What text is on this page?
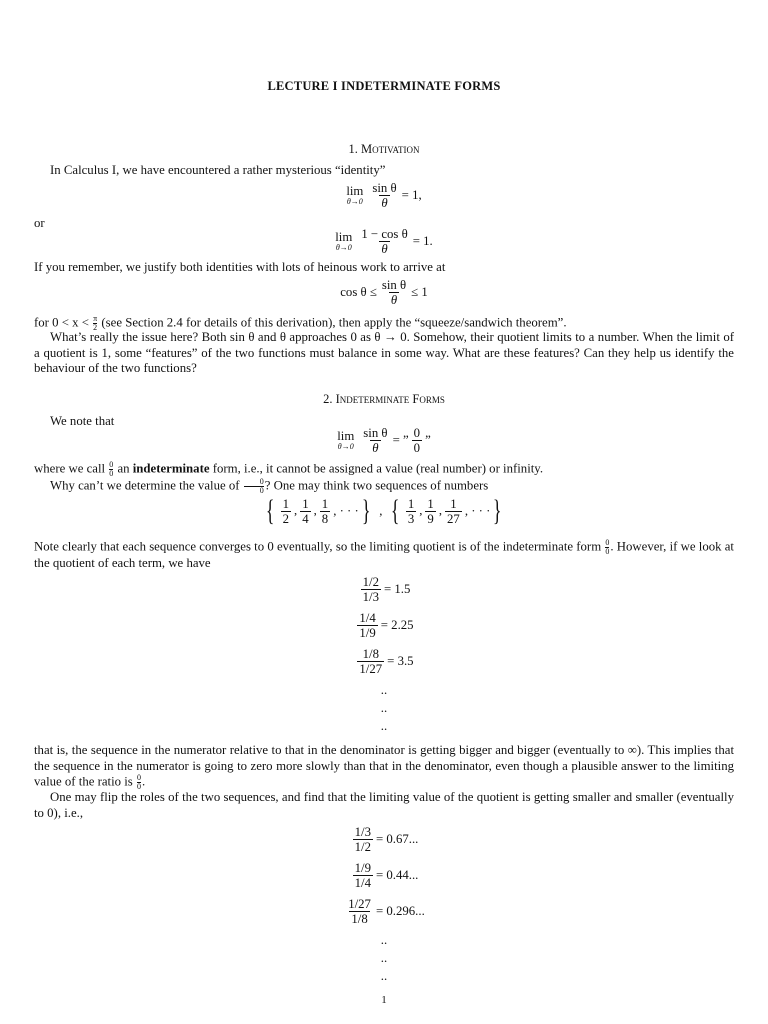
LECTURE I INDETERMINATE FORMS
1. Motivation
In Calculus I, we have encountered a rather mysterious “identity”
lim
$\theta\to 0 \frac{\text{sin θ}}{\theta} = 1$,
or
lim
$\theta\to 0 \frac{\text{1 − cos θ}}{\theta} = 1$.
If you remember, we justify both identities with lots of heinous work to arrive at
$\cos \theta \le \frac{\text{sin θ}}{\theta} \le 1$
for $0 < x < \frac{\pi}{2} (see$ Section 2.4 for details of this derivation), then apply the “squeeze/sandwich theorem”.
What’s really the issue here? Both sin θ and θ approaches 0 as θ → 0. Somehow, their quotient limits to a number. When the limit of a quotient is 1, some “features” of the two functions must balance in some way. What are these features? Can they help us identify the behaviour of the two functions?
2. Indeterminate Forms
We note that
lim
$\theta\to 0 \frac{\text{sin θ}}{\theta}$ = ” $\frac{0}{0}$ ”
where we call $\frac{0}{0}$ an indeterminate form, i.e., it cannot be assigned a value (real number) or infinity.
Why can’t we determine the value of $\frac{0}{0}$ ? One may think two sequences of numbers
{ $\frac{1}{2}$ , $\frac{1}{4}$ , $\frac{1}{8}$ , · · · } , { $\frac{1}{3}$ , $\frac{1}{9}$ , $\frac{1}{27}$ , · · · }
Note clearly that each sequence converges to 0 eventually, so the limiting quotient is of the indeterminate form $\frac{0}{0}$ . However, if we look at the quotient of each term, we have
$\frac{1/2}{1/3} = 1.5$
$\frac{1/4}{1/9} = 2.25$
$\frac{1/8}{1/27} = 3.5$
..
..
..
that is, the sequence in the numerator relative to that in the denominator is getting bigger and bigger (eventually to ∞). This implies that the sequence in the numerator is going to zero more slowly than that in the denominator, even though a plausible answer to the limiting value of the ratio is $\frac{0}{0}$ .
One may flip the roles of the two sequences, and find that the limiting value of the quotient is getting smaller and smaller (eventually to 0), i.e.,
$\frac{1/3}{1/2} = 0.67$...
$\frac{1/9}{1/4} = 0.44$...
$\frac{1/27}{1/8} = 0.296$...
..
..
..
1
